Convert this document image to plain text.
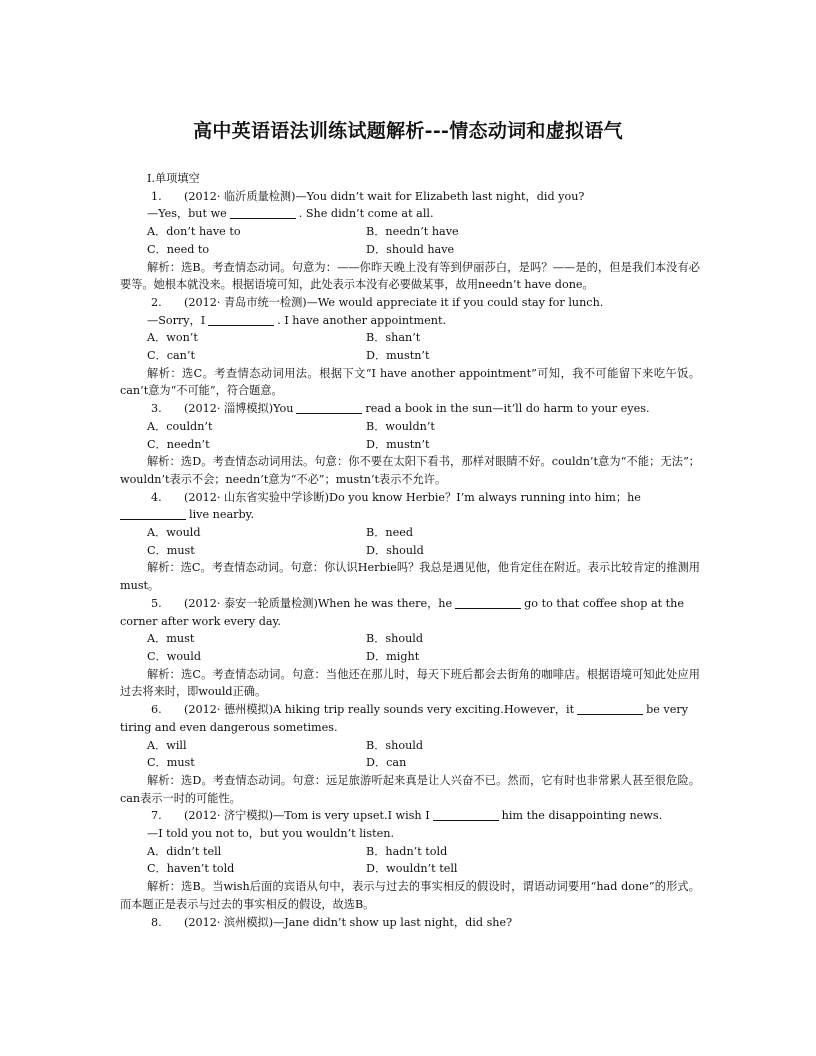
高中英语语法训练试题解析---情态动词和虚拟语气
Ⅰ.单项填空
1. (2012· 临沂质量检测)—You didn’t wait for Elizabeth last night，did you?
—Yes，but we	. She didn’t come at all.
A．don’t have to	B．needn’t have
C．need to	D．should have
解析：选B。考查情态动词。句意为：——你昨天晚上没有等到伊丽莎白，是吗？——是的，但是我们本没有必要等。她根本就没来。根据语境可知，此处表示本没有必要做某事，故用needn’t have done。
2. (2012· 青岛市统一检测)—We would appreciate it if you could stay for lunch.
—Sorry，I	. I have another appointment.
A．won’t	B．shan’t
C．can’t	D．mustn’t
解析：选C。考查情态动词用法。根据下文“I have another appointment”可知，我不可能留下来吃午饭。can’t意为“不可能”，符合题意。
3. (2012· 淄博模拟)You	read a book in the sun—it’ll do harm to your eyes.
A．couldn’t	B．wouldn’t
C．needn’t	D．mustn’t
解析：选D。考查情态动词用法。句意：你不要在太阳下看书，那样对眼睛不好。couldn’t意为“不能；无法”；wouldn’t表示不会；needn’t意为“不必”；mustn’t表示不允许。
4. (2012· 山东省实验中学诊断)Do you know Herbie？I’m always running into him；he
live nearby.
A．would	B．need
C．must	D．should
解析：选C。考查情态动词。句意：你认识Herbie吗？我总是遇见他，他肯定住在附近。表示比较肯定的推测用must。
5. (2012· 泰安一轮质量检测)When he was there，he	go to that coffee shop at the
corner after work every day.
A．must	B．should
C．would	D．might
解析：选C。考查情态动词。句意：当他还在那儿时，每天下班后都会去街角的咖啡店。根据语境可知此处应用过去将来时，即would正确。
6. (2012· 德州模拟)A hiking trip really sounds very exciting.However，it	be very
tiring and even dangerous sometimes.
A．will	B．should
C．must	D．can
解析：选D。考查情态动词。句意：远足旅游听起来真是让人兴奋不已。然而，它有时也非常累人甚至很危险。can表示一时的可能性。
7. (2012· 济宁模拟)—Tom is very upset.I wish I	him the disappointing news.
—I told you not to，but you wouldn’t listen.
A．didn’t tell	B．hadn’t told
C．haven’t told	D．wouldn’t tell
解析：选B。当wish后面的宾语从句中，表示与过去的事实相反的假设时，谓语动词要用“had done”的形式。而本题正是表示与过去的事实相反的假设，故选B。
8. (2012· 滨州模拟)—Jane didn’t show up last night，did she?
